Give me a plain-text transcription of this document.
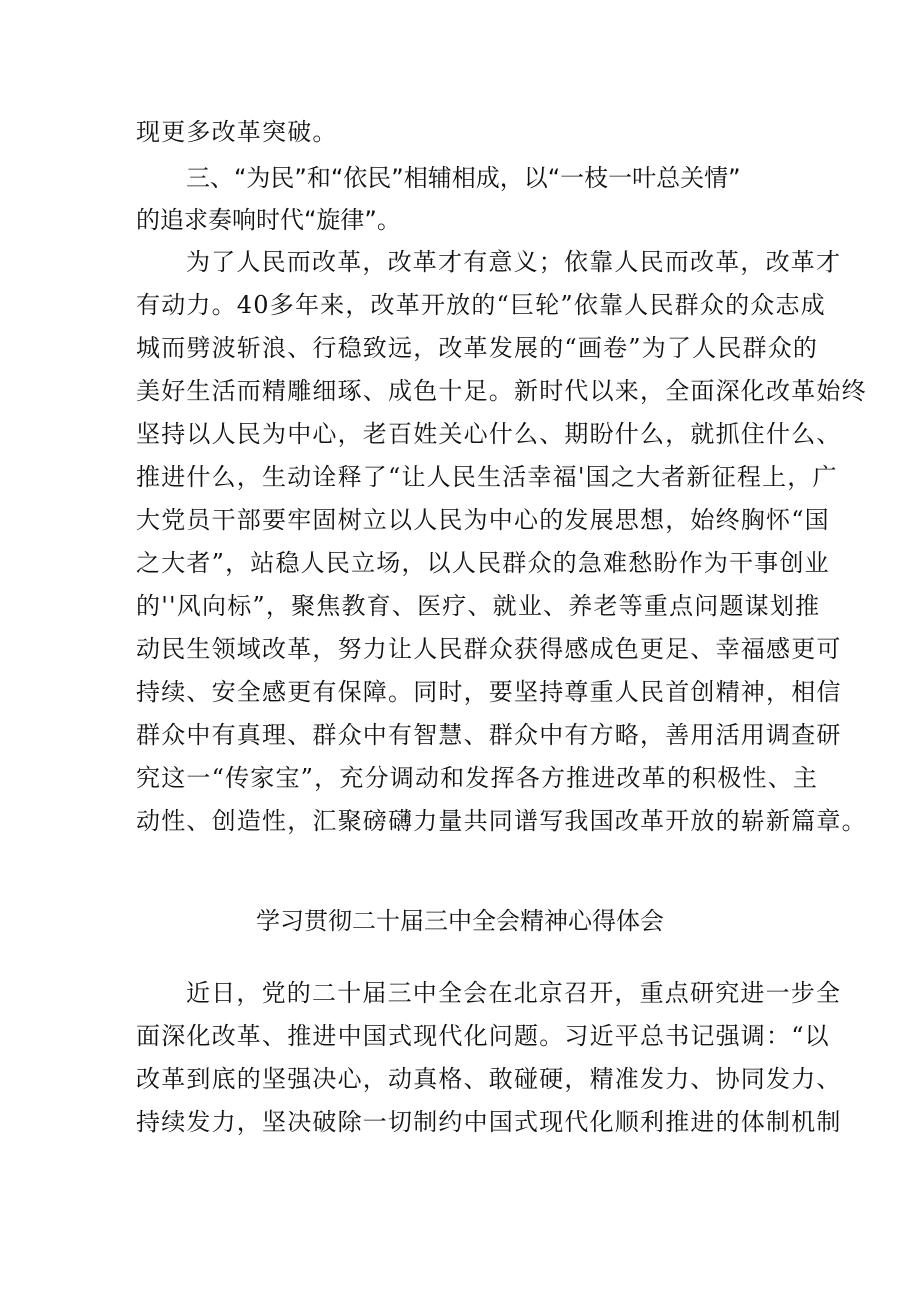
现更多改革突破。
三、“为民”和“依民”相辅相成，以“一枝一叶总关情”
的追求奏响时代“旋律”。
为了人民而改革，改革才有意义；依靠人民而改革，改革才
有动力。40多年来，改革开放的“巨轮”依靠人民群众的众志成
城而劈波斩浪、行稳致远，改革发展的“画卷”为了人民群众的
美好生活而精雕细琢、成色十足。新时代以来，全面深化改革始终
坚持以人民为中心，老百姓关心什么、期盼什么，就抓住什么、
推进什么，生动诠释了“让人民生活幸福'国之大者新征程上，广
大党员干部要牢固树立以人民为中心的发展思想，始终胸怀“国
之大者”，站稳人民立场，以人民群众的急难愁盼作为干事创业
的''风向标”，聚焦教育、医疗、就业、养老等重点问题谋划推
动民生领域改革，努力让人民群众获得感成色更足、幸福感更可
持续、安全感更有保障。同时，要坚持尊重人民首创精神，相信
群众中有真理、群众中有智慧、群众中有方略，善用活用调查研
究这一“传家宝”，充分调动和发挥各方推进改革的积极性、主
动性、创造性，汇聚磅礴力量共同谱写我国改革开放的崭新篇章。
学习贯彻二十届三中全会精神心得体会
近日，党的二十届三中全会在北京召开，重点研究进一步全
面深化改革、推进中国式现代化问题。习近平总书记强调：“以
改革到底的坚强决心，动真格、敢碰硬，精准发力、协同发力、
持续发力，坚决破除一切制约中国式现代化顺利推进的体制机制
